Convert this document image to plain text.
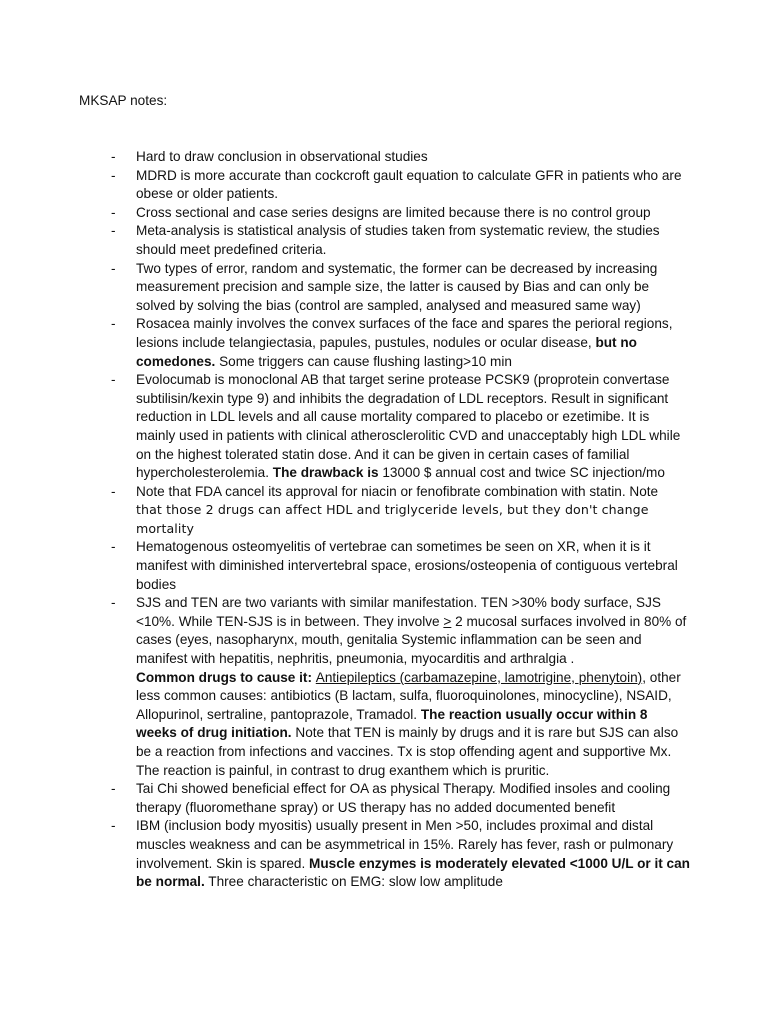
MKSAP notes:
- Hard to draw conclusion in observational studies
- MDRD is more accurate than cockcroft gault equation to calculate GFR in patients who are obese or older patients.
- Cross sectional and case series designs are limited because there is no control group
- Meta-analysis is statistical analysis of studies taken from systematic review, the studies should meet predefined criteria.
- Two types of error, random and systematic, the former can be decreased by increasing measurement precision and sample size, the latter is caused by Bias and can only be solved by solving the bias (control are sampled, analysed and measured same way)
- Rosacea mainly involves the convex surfaces of the face and spares the perioral regions, lesions include telangiectasia, papules, pustules, nodules or ocular disease, but no comedones. Some triggers can cause flushing lasting>10 min
- Evolocumab is monoclonal AB that target serine protease PCSK9 (proprotein convertase subtilisin/kexin type 9) and inhibits the degradation of LDL receptors. Result in significant reduction in LDL levels and all cause mortality compared to placebo or ezetimibe. It is mainly used in patients with clinical atherosclerolitic CVD and unacceptably high LDL while on the highest tolerated statin dose. And it can be given in certain cases of familial hypercholesterolemia. The drawback is 13000 $ annual cost and twice SC injection/mo
- Note that FDA cancel its approval for niacin or fenofibrate combination with statin. Note
that those 2 drugs can affect HDL and triglyceride levels, but they don't change mortality
- Hematogenous osteomyelitis of vertebrae can sometimes be seen on XR, when it is it manifest with diminished intervertebral space, erosions/osteopenia of contiguous vertebral bodies
- SJS and TEN are two variants with similar manifestation. TEN >30% body surface, SJS <10%. While TEN-SJS is in between. They involve ≥ 2 mucosal surfaces involved in 80% of cases (eyes, nasopharynx, mouth, genitalia Systemic inflammation can be seen and manifest with hepatitis, nephritis, pneumonia, myocarditis and arthralgia .
Common drugs to cause it: Antiepileptics (carbamazepine, lamotrigine, phenytoin), other less common causes: antibiotics (B lactam, sulfa, fluoroquinolones, minocycline), NSAID, Allopurinol, sertraline, pantoprazole, Tramadol. The reaction usually occur within 8 weeks of drug initiation. Note that TEN is mainly by drugs and it is rare but SJS can also be a reaction from infections and vaccines. Tx is stop offending agent and supportive Mx.
The reaction is painful, in contrast to drug exanthem which is pruritic.
- Tai Chi showed beneficial effect for OA as physical Therapy. Modified insoles and cooling therapy (fluoromethane spray) or US therapy has no added documented benefit
- IBM (inclusion body myositis) usually present in Men >50, includes proximal and distal muscles weakness and can be asymmetrical in 15%. Rarely has fever, rash or pulmonary involvement. Skin is spared. Muscle enzymes is moderately elevated <1000 U/L or it can be normal. Three characteristic on EMG: slow low amplitude
